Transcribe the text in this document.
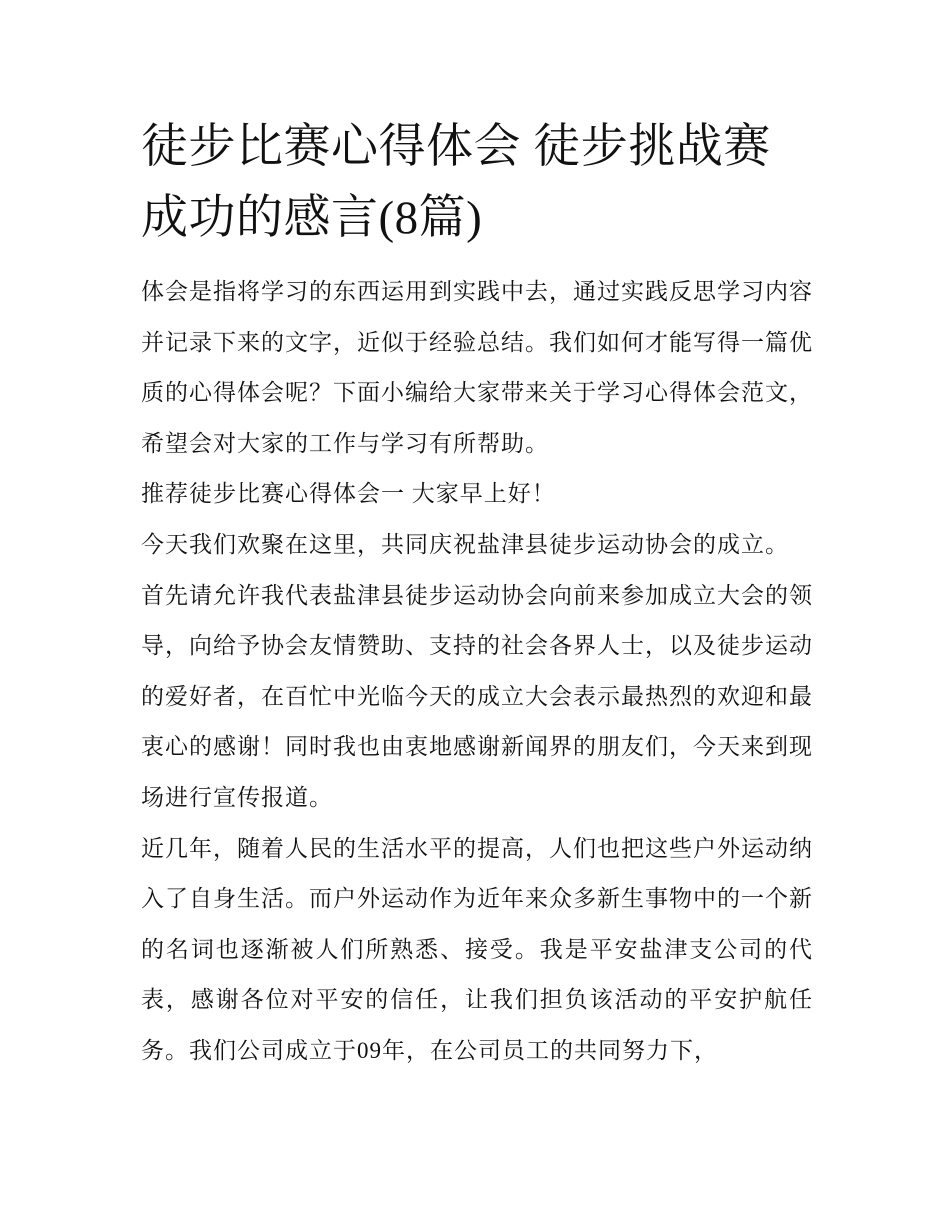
徒步比赛心得体会 徒步挑战赛成功的感言(8篇)

体会是指将学习的东西运用到实践中去，通过实践反思学习内容并记录下来的文字，近似于经验总结。我们如何才能写得一篇优质的心得体会呢？下面小编给大家带来关于学习心得体会范文，希望会对大家的工作与学习有所帮助。

推荐徒步比赛心得体会一 大家早上好！

今天我们欢聚在这里，共同庆祝盐津县徒步运动协会的成立。

首先请允许我代表盐津县徒步运动协会向前来参加成立大会的领导，向给予协会友情赞助、支持的社会各界人士，以及徒步运动的爱好者，在百忙中光临今天的成立大会表示最热烈的欢迎和最衷心的感谢！同时我也由衷地感谢新闻界的朋友们，今天来到现场进行宣传报道。

近几年，随着人民的生活水平的提高，人们也把这些户外运动纳入了自身生活。而户外运动作为近年来众多新生事物中的一个新的名词也逐渐被人们所熟悉、接受。我是平安盐津支公司的代表，感谢各位对平安的信任，让我们担负该活动的平安护航任务。我们公司成立于09年，在公司员工的共同努力下，
